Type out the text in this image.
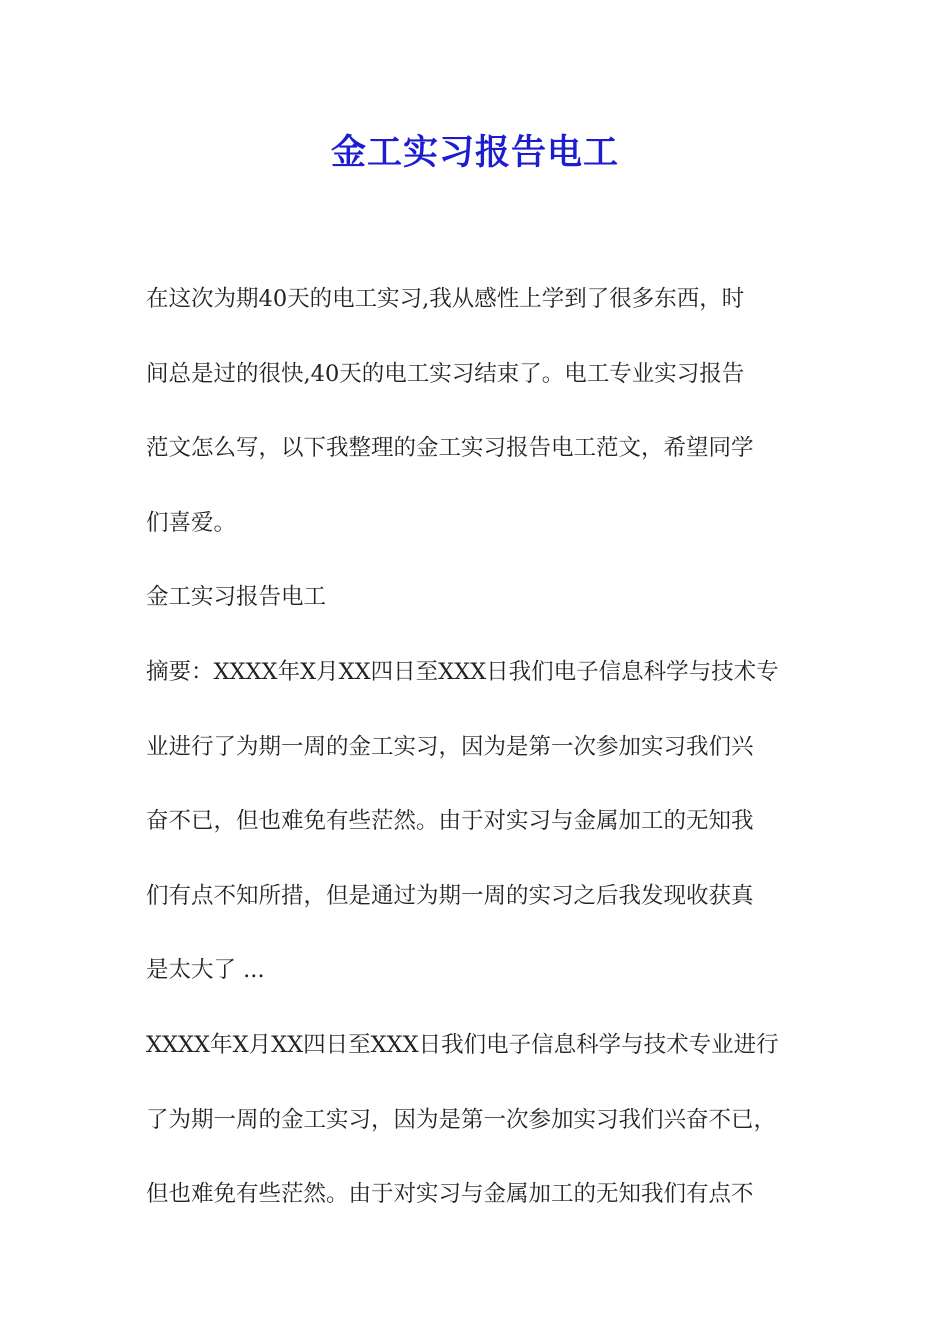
金工实习报告电工
在这次为期40天的电工实习,我从感性上学到了很多东西，时
间总是过的很快,40天的电工实习结束了。电工专业实习报告
范文怎么写，以下我整理的金工实习报告电工范文，希望同学
们喜爱。
金工实习报告电工
摘要：XXXX年X月XX四日至XXX日我们电子信息科学与技术专
业进行了为期一周的金工实习，因为是第一次参加实习我们兴
奋不已，但也难免有些茫然。由于对实习与金属加工的无知我
们有点不知所措，但是通过为期一周的实习之后我发现收获真
是太大了 ...
XXXX年X月XX四日至XXX日我们电子信息科学与技术专业进行
了为期一周的金工实习，因为是第一次参加实习我们兴奋不已，
但也难免有些茫然。由于对实习与金属加工的无知我们有点不
